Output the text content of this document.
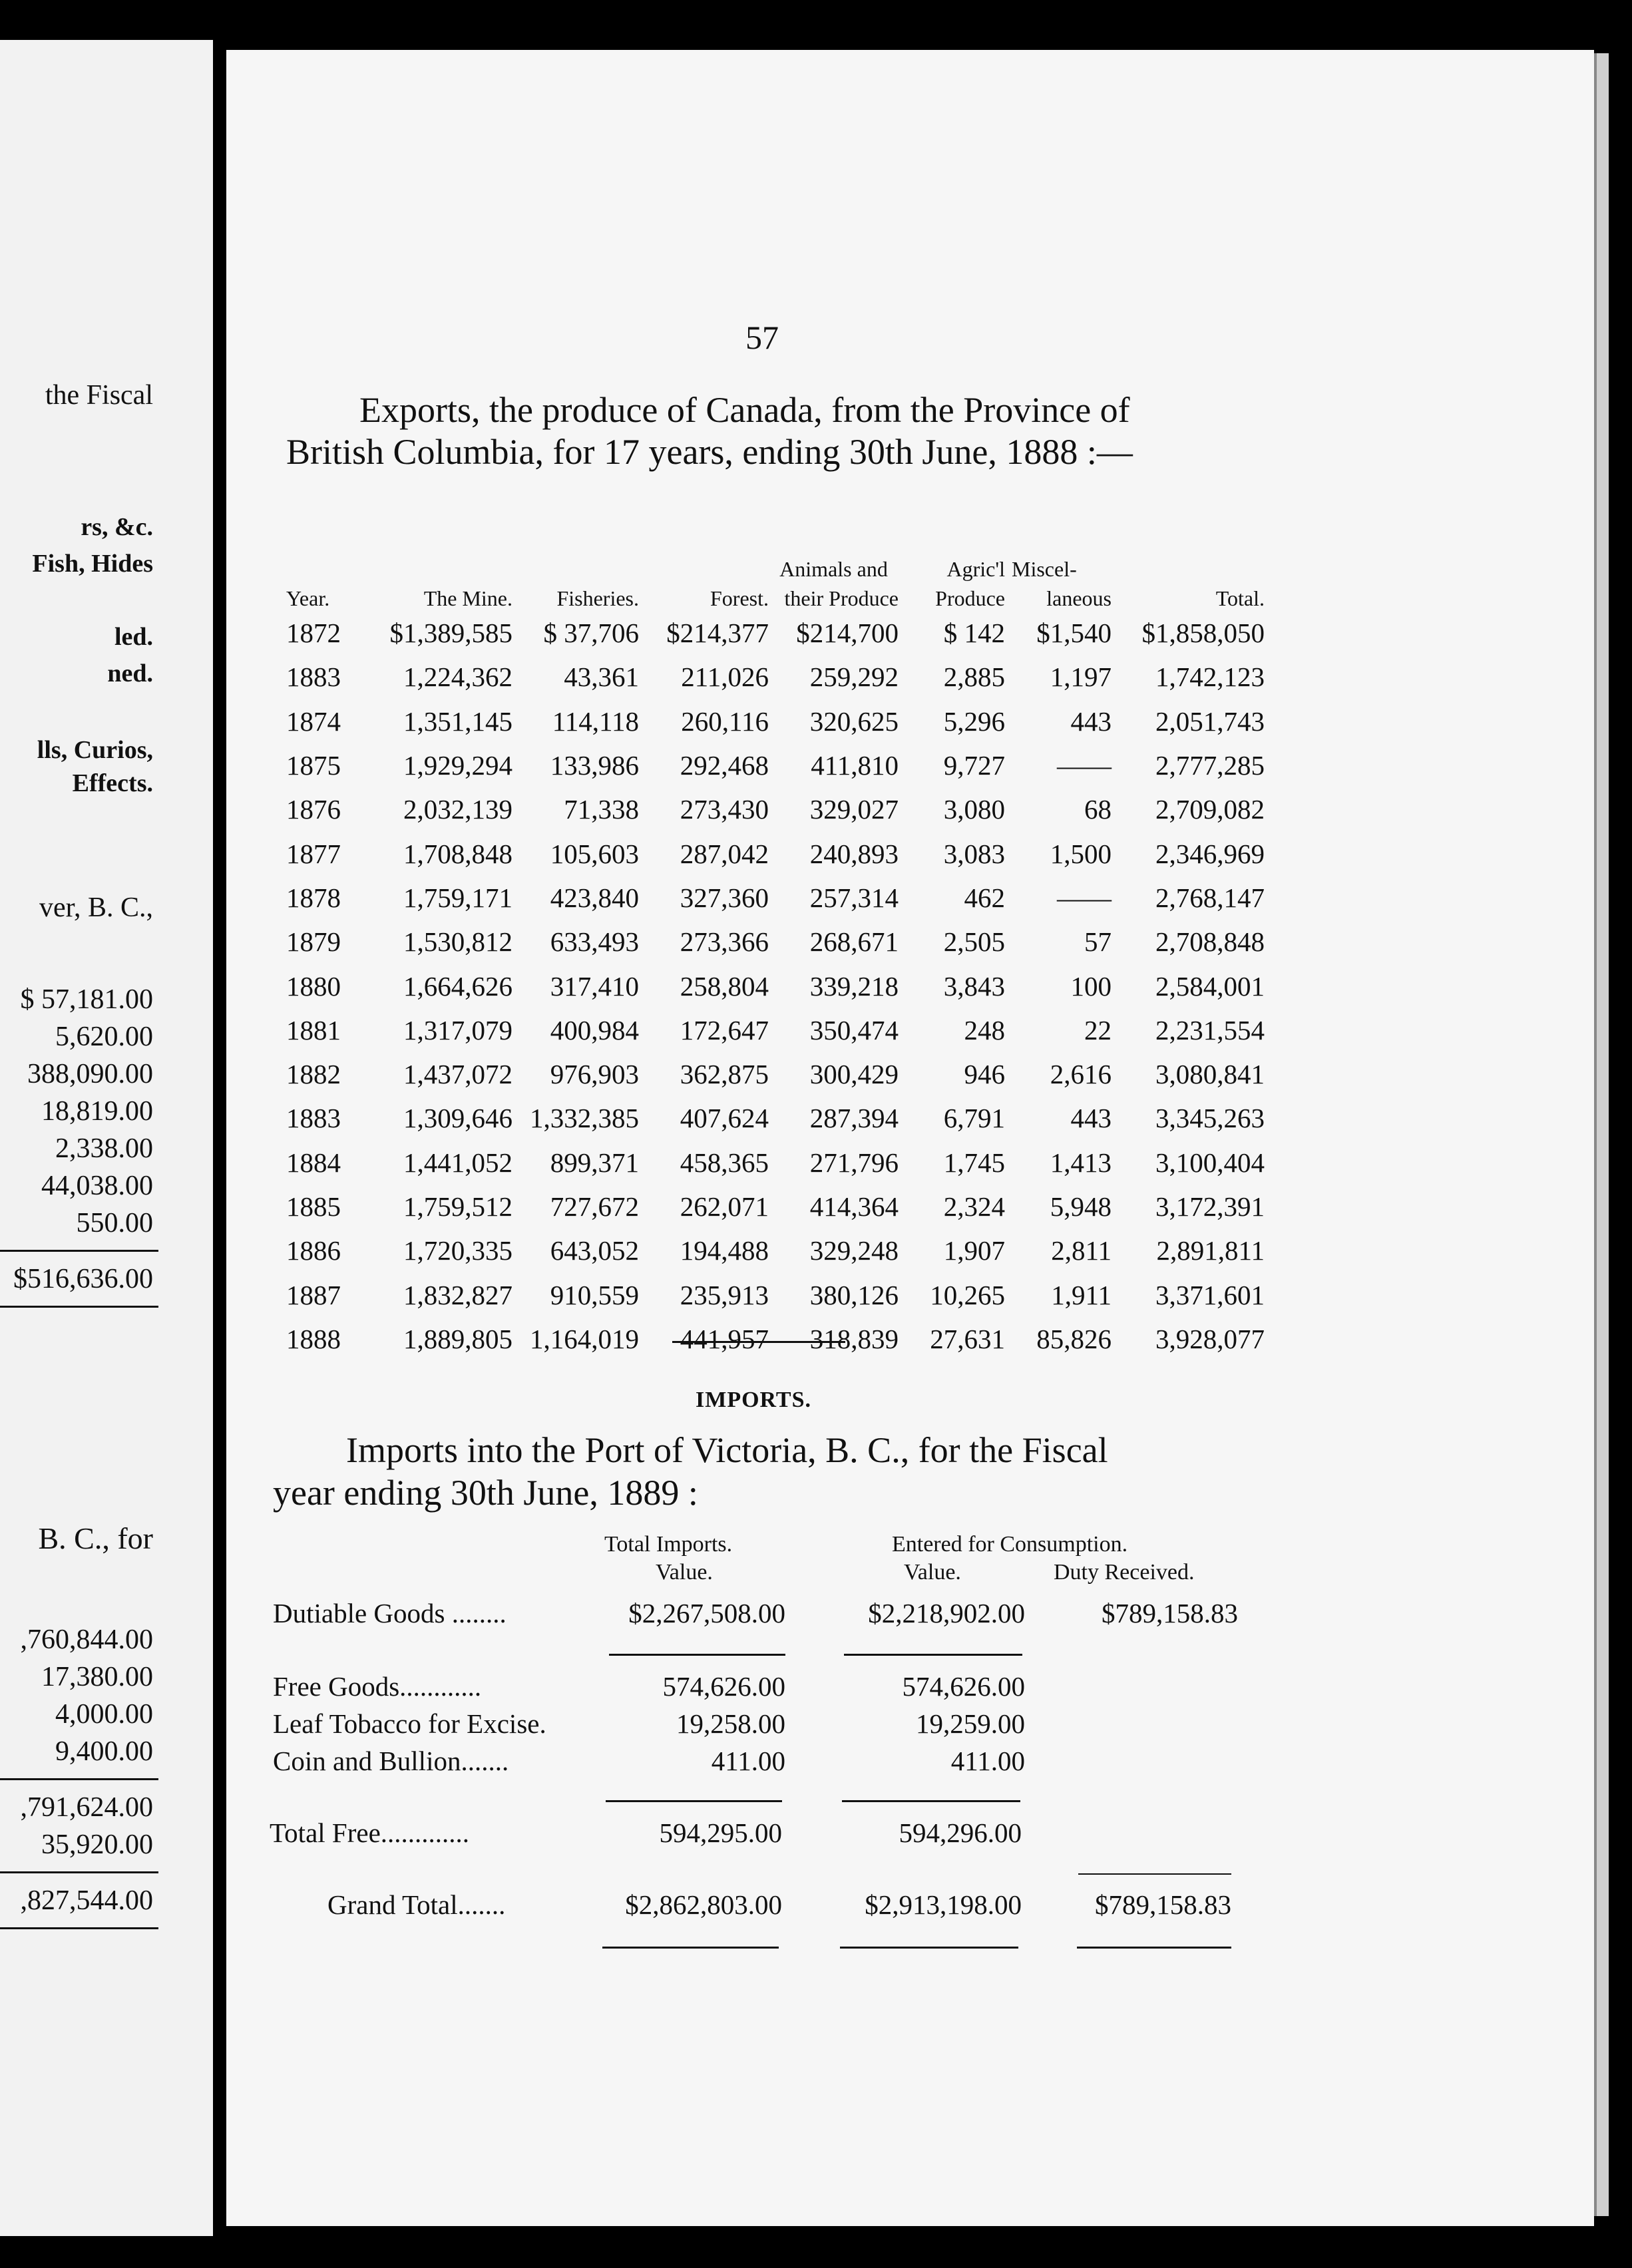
the Fiscal
rs, &c.
Fish, Hides
led.
ned.
lls, Curios,
Effects.
ver, B. C.,
$ 57,181.00
5,620.00
388,090.00
18,819.00
2,338.00
44,038.00
550.00
$516,636.00
B. C., for
,760,844.00
17,380.00
4,000.00
9,400.00
,791,624.00
35,920.00
,827,544.00
57
Exports, the produce of Canada, from the Province of
British Columbia, for 17 years, ending 30th June, 1888 :—
				Animals and	Agric'l	Miscel-	
Year.	The Mine.	Fisheries.	Forest.	their Produce	Produce	laneous	Total.
1872	$1,389,585	$ 37,706	$214,377	$214,700	$ 142	$1,540	$1,858,050
1883	1,224,362	43,361	211,026	259,292	2,885	1,197	1,742,123
1874	1,351,145	114,118	260,116	320,625	5,296	443	2,051,743
1875	1,929,294	133,986	292,468	411,810	9,727	——	2,777,285
1876	2,032,139	71,338	273,430	329,027	3,080	68	2,709,082
1877	1,708,848	105,603	287,042	240,893	3,083	1,500	2,346,969
1878	1,759,171	423,840	327,360	257,314	462	——	2,768,147
1879	1,530,812	633,493	273,366	268,671	2,505	57	2,708,848
1880	1,664,626	317,410	258,804	339,218	3,843	100	2,584,001
1881	1,317,079	400,984	172,647	350,474	248	22	2,231,554
1882	1,437,072	976,903	362,875	300,429	946	2,616	3,080,841
1883	1,309,646	1,332,385	407,624	287,394	6,791	443	3,345,263
1884	1,441,052	899,371	458,365	271,796	1,745	1,413	3,100,404
1885	1,759,512	727,672	262,071	414,364	2,324	5,948	3,172,391
1886	1,720,335	643,052	194,488	329,248	1,907	2,811	2,891,811
1887	1,832,827	910,559	235,913	380,126	10,265	1,911	3,371,601
1888	1,889,805	1,164,019	441,957	318,839	27,631	85,826	3,928,077
IMPORTS.
Imports into the Port of Victoria, B. C., for the Fiscal
year ending 30th June, 1889 :
Total Imports.	Entered for Consumption.
Value.	Value.	Duty Received.
Dutiable Goods ........	$2,267,508.00	$2,218,902.00	$789,158.83
Free Goods............	574,626.00	574,626.00
Leaf Tobacco for Excise.	19,258.00	19,259.00
Coin and Bullion.......	411.00	411.00
Total Free.............	594,295.00	594,296.00
Grand Total.......	$2,862,803.00	$2,913,198.00	$789,158.83
